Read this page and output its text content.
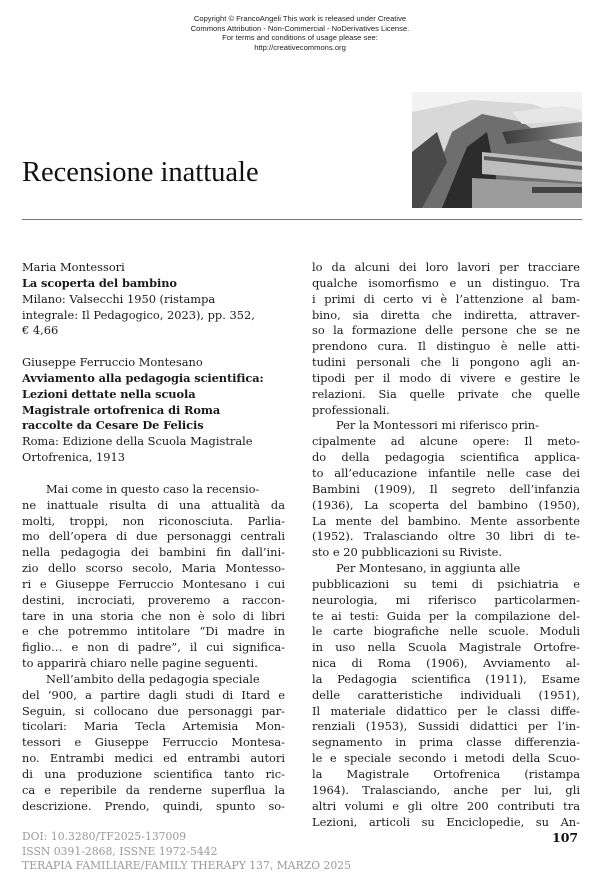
Copyright © FrancoAngeli This work is released under Creative
Commons Attribution - Non-Commercial - NoDerivatives License.
For terms and conditions of usage please see:
http://creativecommons.org
Recensione inattuale
Maria Montessori
La scoperta del bambino
Milano: Valsecchi 1950 (ristampa
integrale: Il Pedagogico, 2023), pp. 352,
€ 4,66
Giuseppe Ferruccio Montesano
Avviamento alla pedagogia scientifica:
Lezioni dettate nella scuola
Magistrale ortofrenica di Roma
raccolte da Cesare De Felicis
Roma: Edizione della Scuola Magistrale
Ortofrenica, 1913
Mai come in questo caso la recensio-
ne inattuale risulta di una attualità da
molti, troppi, non riconosciuta. Parlia-
mo dell’opera di due personaggi centrali
nella pedagogia dei bambini fin dall’ini-
zio dello scorso secolo, Maria Montesso-
ri e Giuseppe Ferruccio Montesano i cui
destini, incrociati, proveremo a raccon-
tare in una storia che non è solo di libri
e che potremmo intitolare “Di madre in
figlio… e non di padre”, il cui significa-
to apparirà chiaro nelle pagine seguenti.
Nell’ambito della pedagogia speciale
del ’900, a partire dagli studi di Itard e
Seguin, si collocano due personaggi par-
ticolari: Maria Tecla Artemisia Mon-
tessori e Giuseppe Ferruccio Montesa-
no. Entrambi medici ed entrambi autori
di una produzione scientifica tanto ric-
ca e reperibile da renderne superflua la
descrizione. Prendo, quindi, spunto so-
lo da alcuni dei loro lavori per tracciare
qualche isomorfismo e un distinguo. Tra
i primi di certo vi è l’attenzione al bam-
bino, sia diretta che indiretta, attraver-
so la formazione delle persone che se ne
prendono cura. Il distinguo è nelle atti-
tudini personali che li pongono agli an-
tipodi per il modo di vivere e gestire le
relazioni. Sia quelle private che quelle
professionali.
Per la Montessori mi riferisco prin-
cipalmente ad alcune opere: Il meto-
do della pedagogia scientifica applica-
to all’educazione infantile nelle case dei
Bambini (1909), Il segreto dell’infanzia
(1936), La scoperta del bambino (1950),
La mente del bambino. Mente assorbente
(1952). Tralasciando oltre 30 libri di te-
sto e 20 pubblicazioni su Riviste.
Per Montesano, in aggiunta alle
pubblicazioni su temi di psichiatria e
neurologia, mi riferisco particolarmen-
te ai testi: Guida per la compilazione del-
le carte biografiche nelle scuole. Moduli
in uso nella Scuola Magistrale Ortofre-
nica di Roma (1906), Avviamento al-
la Pedagogia scientifica (1911), Esame
delle caratteristiche individuali (1951),
Il materiale didattico per le classi diffe-
renziali (1953), Sussidi didattici per l’in-
segnamento in prima classe differenzia-
le e speciale secondo i metodi della Scuo-
la Magistrale Ortofrenica (ristampa
1964). Tralasciando, anche per lui, gli
altri volumi e gli oltre 200 contributi tra
Lezioni, articoli su Enciclopedie, su An-
DOI: 10.3280/TF2025-137009
ISSN 0391-2868, ISSNE 1972-5442
TERAPIA FAMILIARE/FAMILY THERAPY 137, MARZO 2025
107
